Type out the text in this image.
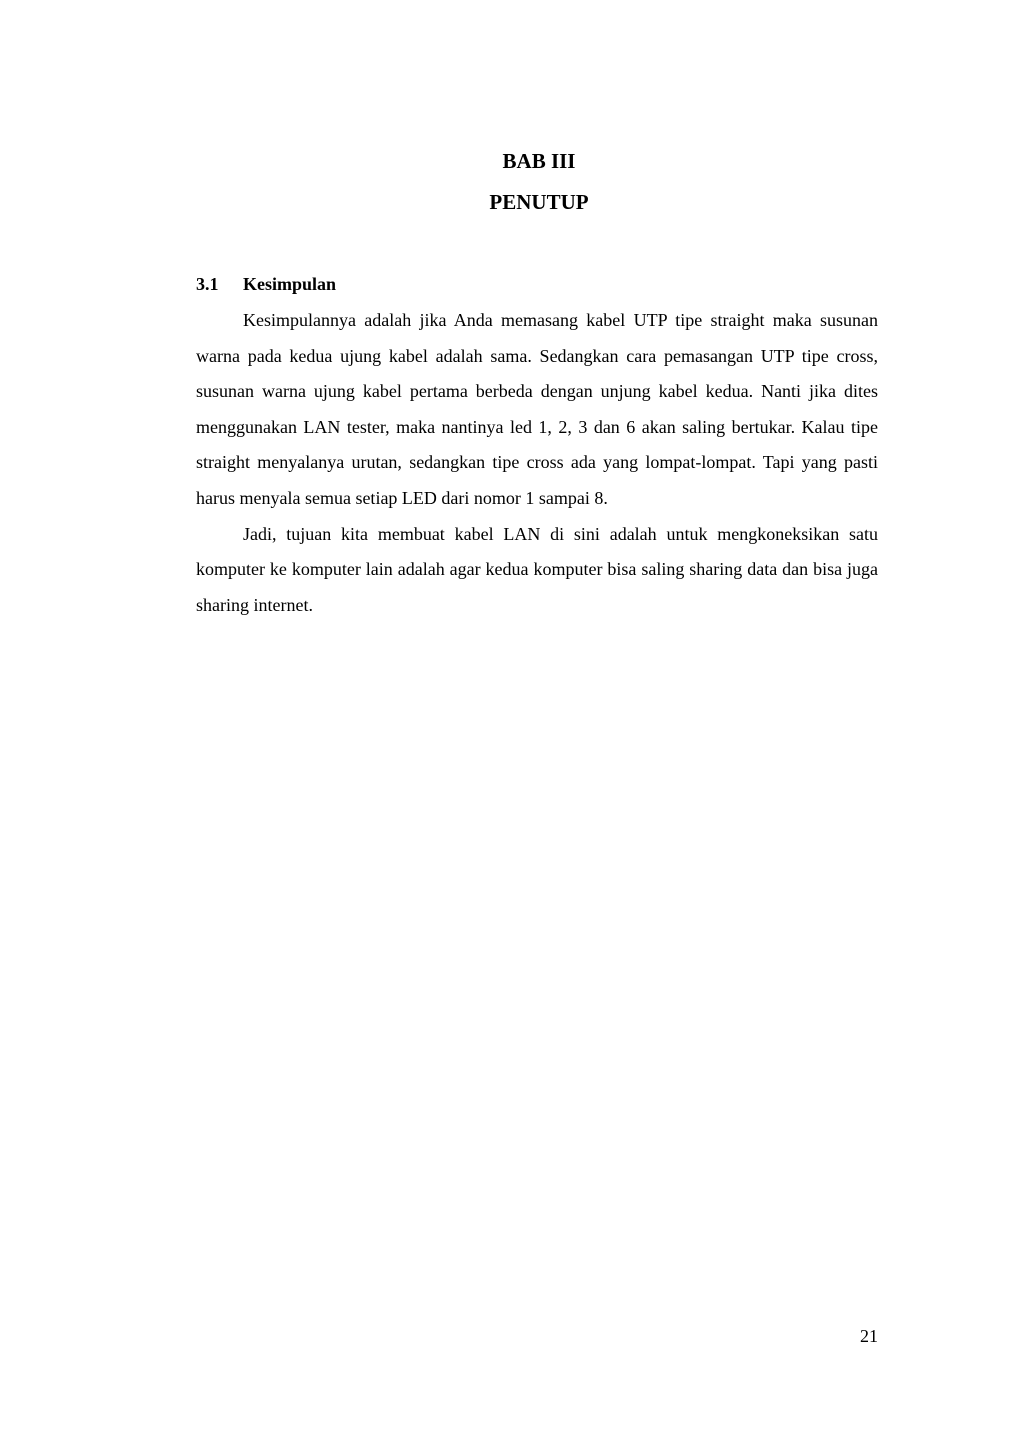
BAB III
PENUTUP
3.1 Kesimpulan

Kesimpulannya adalah jika Anda memasang kabel UTP tipe straight maka susunan warna pada kedua ujung kabel adalah sama. Sedangkan cara pemasangan UTP tipe cross, susunan warna ujung kabel pertama berbeda dengan unjung kabel kedua. Nanti jika dites menggunakan LAN tester, maka nantinya led 1, 2, 3 dan 6 akan saling bertukar. Kalau tipe straight menyalanya urutan, sedangkan tipe cross ada yang lompat-lompat. Tapi yang pasti harus menyala semua setiap LED dari nomor 1 sampai 8.

Jadi, tujuan kita membuat kabel LAN di sini adalah untuk mengkoneksikan satu komputer ke komputer lain adalah agar kedua komputer bisa saling sharing data dan bisa juga sharing internet.

21
